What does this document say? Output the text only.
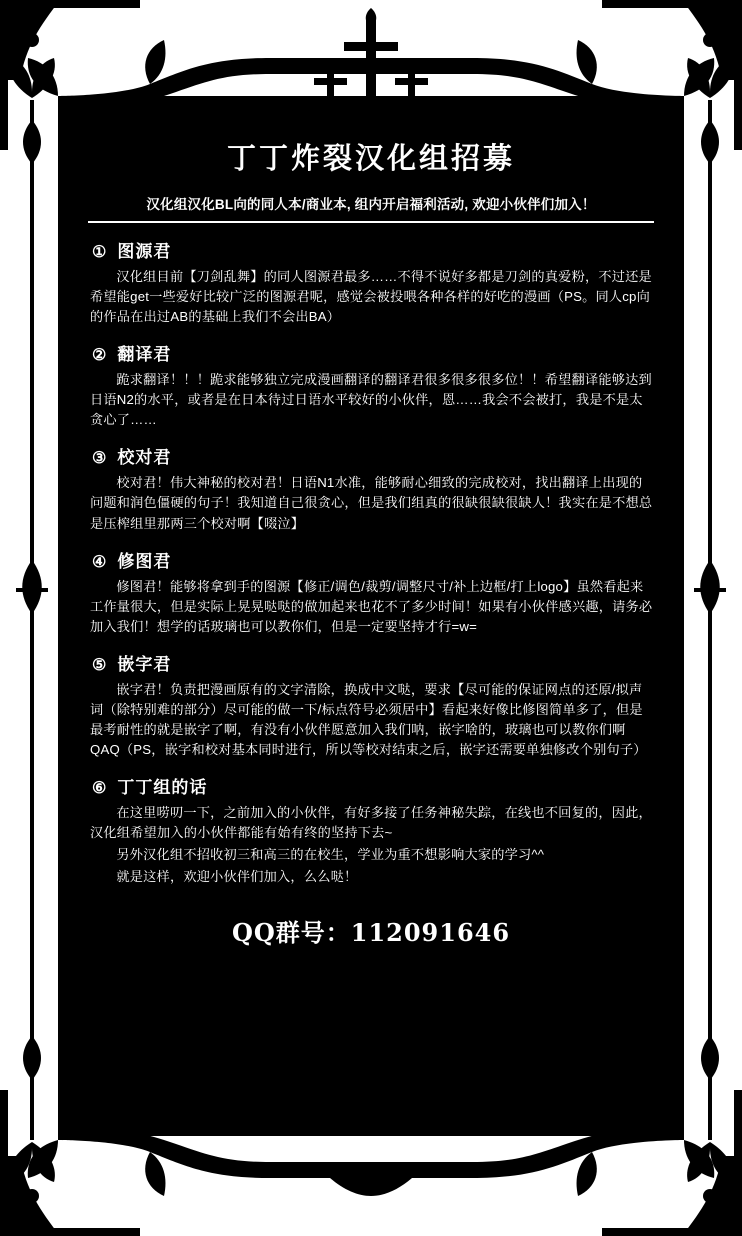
丁丁炸裂汉化组招募
汉化组汉化BL向的同人本/商业本, 组内开启福利活动, 欢迎小伙伴们加入！
① 图源君

汉化组目前【刀剑乱舞】的同人图源君最多……不得不说好多都是刀剑的真爱粉，不过还是希望能get一些爱好比较广泛的图源君呢，感觉会被投喂各种各样的好吃的漫画（PS。同人cp向的作品在出过AB的基础上我们不会出BA）

② 翻译君

跪求翻译！！！跪求能够独立完成漫画翻译的翻译君很多很多很多位！！希望翻译能够达到日语N2的水平，或者是在日本待过日语水平较好的小伙伴，恩……我会不会被打，我是不是太贪心了……

③ 校对君

校对君！伟大神秘的校对君！日语N1水准，能够耐心细致的完成校对，找出翻译上出现的问题和润色僵硬的句子！我知道自己很贪心，但是我们组真的很缺很缺很缺人！我实在是不想总是压榨组里那两三个校对啊【啜泣】

④ 修图君

修图君！能够将拿到手的图源【修正/调色/裁剪/调整尺寸/补上边框/打上logo】虽然看起来工作量很大，但是实际上晃晃哒哒的做加起来也花不了多少时间！如果有小伙伴感兴趣，请务必加入我们！想学的话玻璃也可以教你们，但是一定要坚持才行=w=

⑤ 嵌字君

嵌字君！负责把漫画原有的文字清除，换成中文哒，要求【尽可能的保证网点的还原/拟声词（除特别难的部分）尽可能的做一下/标点符号必须居中】看起来好像比修图简单多了，但是最考耐性的就是嵌字了啊，有没有小伙伴愿意加入我们呐，嵌字啥的，玻璃也可以教你们啊QAQ（PS，嵌字和校对基本同时进行，所以等校对结束之后，嵌字还需要单独修改个别句子）

⑥ 丁丁组的话

在这里唠叨一下，之前加入的小伙伴，有好多接了任务神秘失踪，在线也不回复的，因此，汉化组希望加入的小伙伴都能有始有终的坚持下去~

另外汉化组不招收初三和高三的在校生，学业为重不想影响大家的学习^^

就是这样，欢迎小伙伴们加入，么么哒！

QQ群号：112091646
